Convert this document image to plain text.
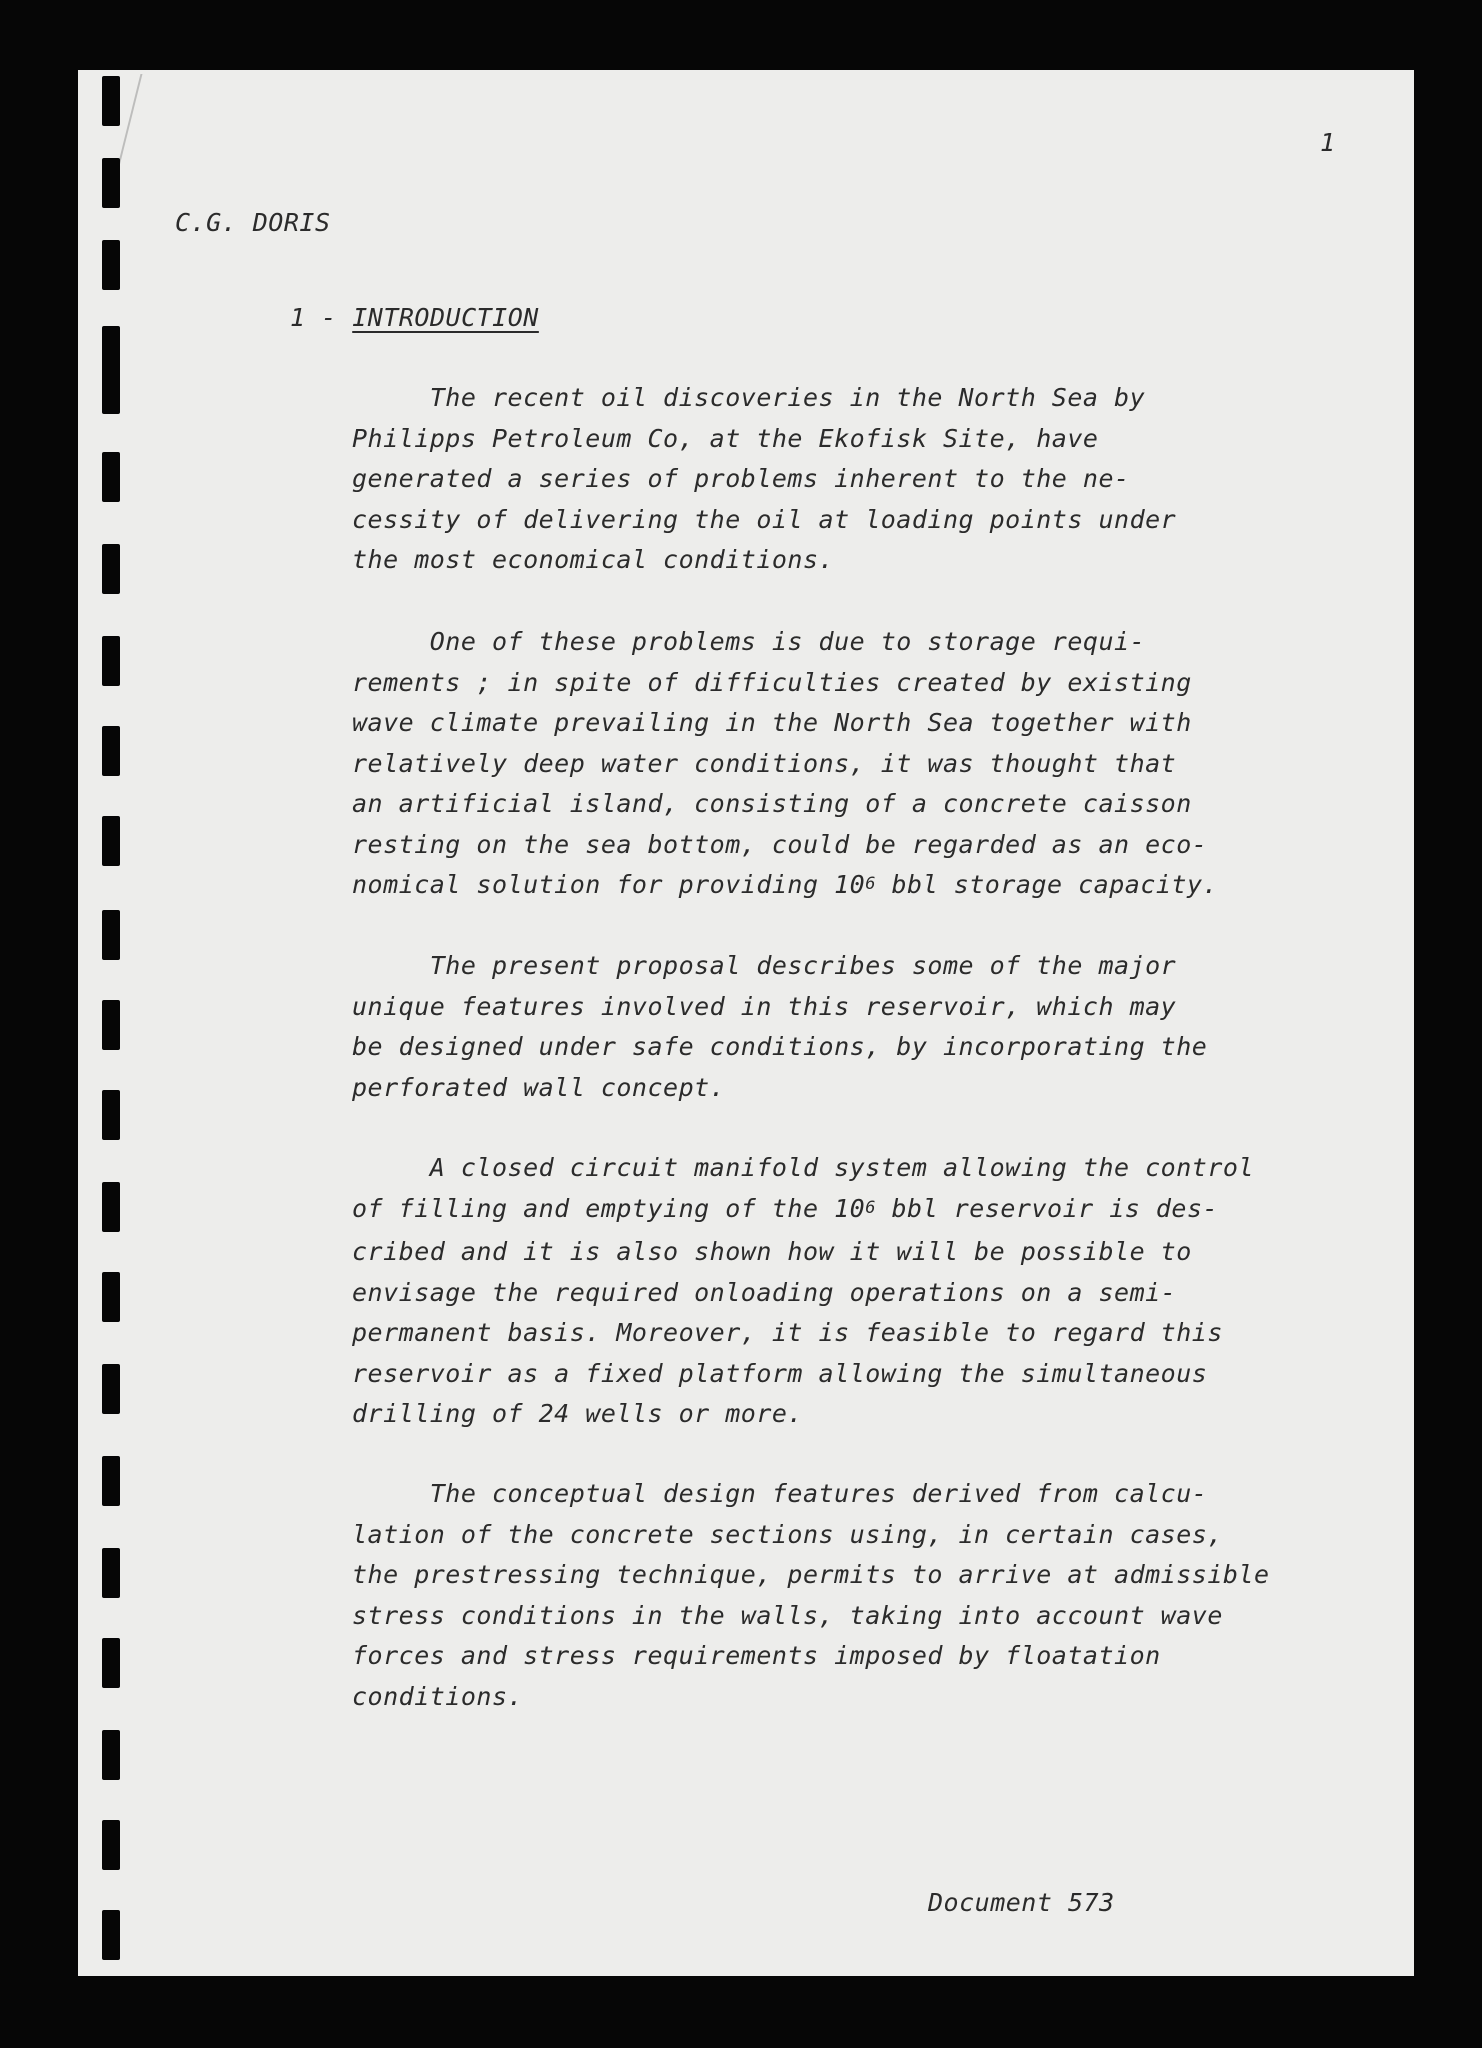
1
C.G. DORIS
1 - INTRODUCTION
The recent oil discoveries in the North Sea by
Philipps Petroleum Co, at the Ekofisk Site, have
generated a series of problems inherent to the ne-
cessity of delivering the oil at loading points under
the most economical conditions.
One of these problems is due to storage requi-
rements ; in spite of difficulties created by existing
wave climate prevailing in the North Sea together with
relatively deep water conditions, it was thought that
an artificial island, consisting of a concrete caisson
resting on the sea bottom, could be regarded as an eco-
nomical solution for providing $10^6$ bbl storage capacity.
The present proposal describes some of the major
unique features involved in this reservoir, which may
be designed under safe conditions, by incorporating the
perforated wall concept.
A closed circuit manifold system allowing the control
of filling and emptying of the $10^6$ bbl reservoir is des-
cribed and it is also shown how it will be possible to
envisage the required onloading operations on a semi-
permanent basis. Moreover, it is feasible to regard this
reservoir as a fixed platform allowing the simultaneous
drilling of 24 wells or more.
The conceptual design features derived from calcu-
lation of the concrete sections using, in certain cases,
the prestressing technique, permits to arrive at admissible
stress conditions in the walls, taking into account wave
forces and stress requirements imposed by floatation
conditions.
Document 573
